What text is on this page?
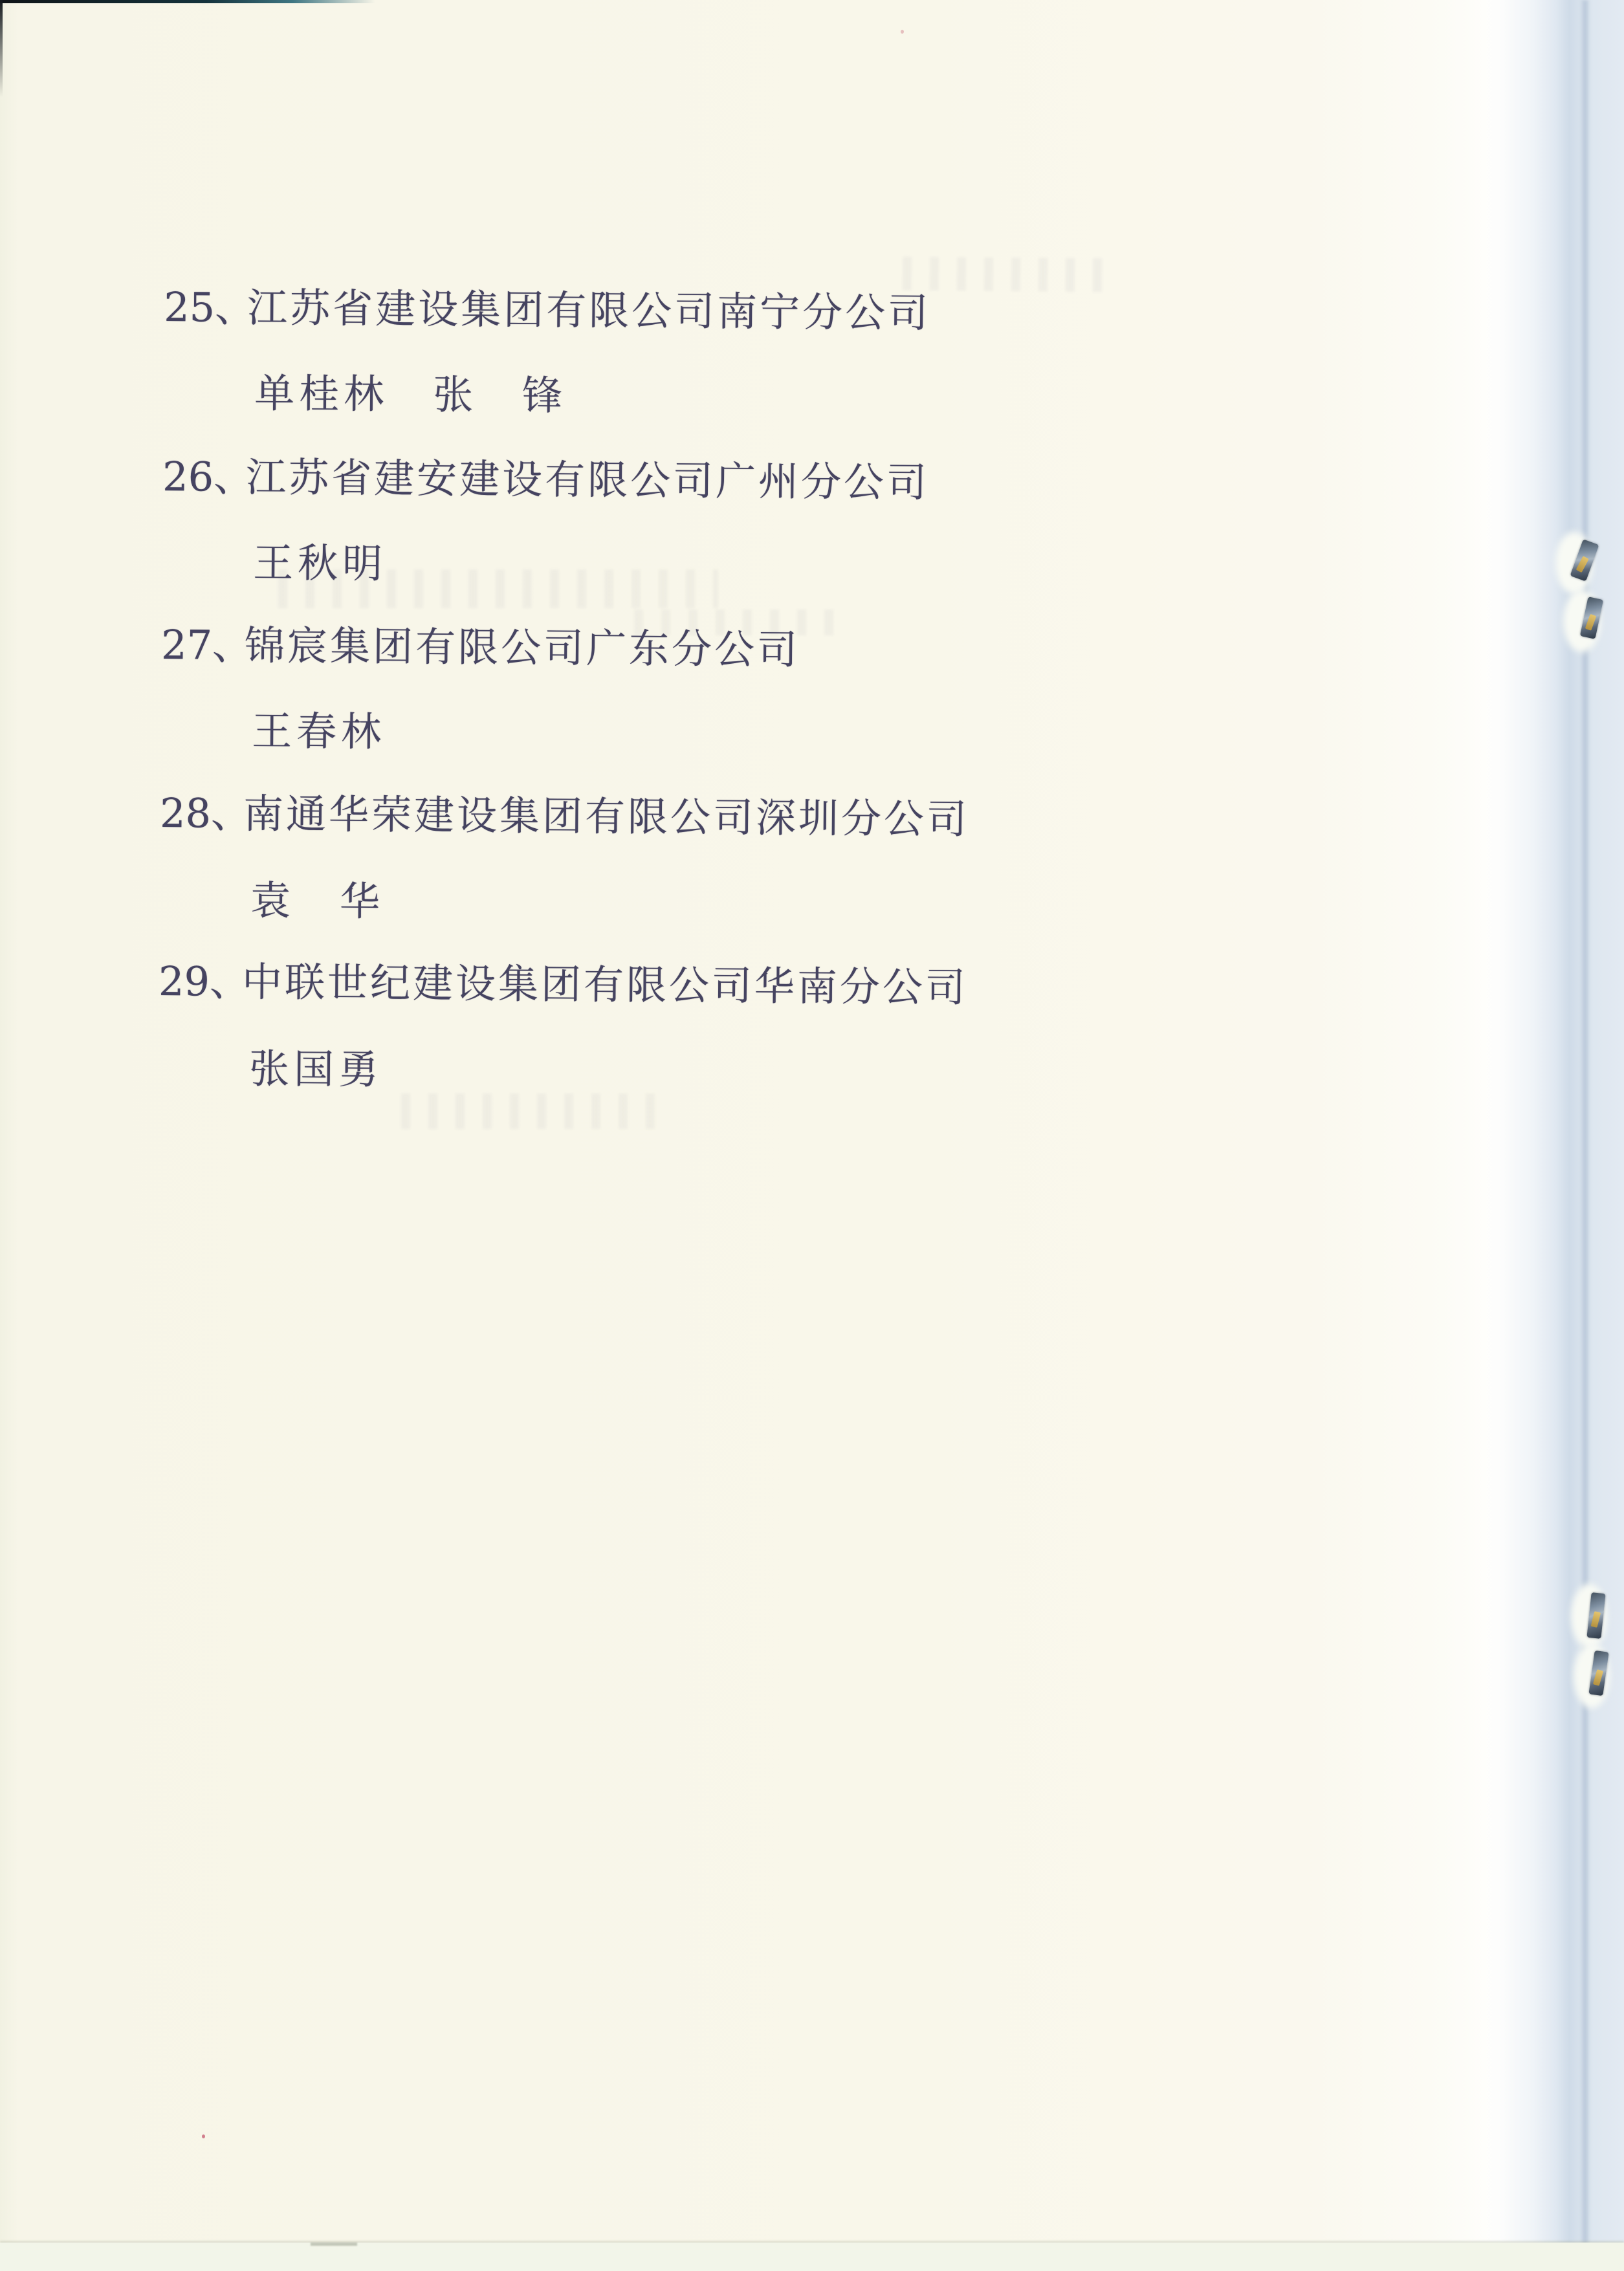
25、
江苏省建设集团有限公司南宁分公司
单桂林　张　锋
26、
江苏省建安建设有限公司广州分公司
王秋明
27、
锦宸集团有限公司广东分公司
王春林
28、
南通华荣建设集团有限公司深圳分公司
袁　华
29、
中联世纪建设集团有限公司华南分公司
张国勇
